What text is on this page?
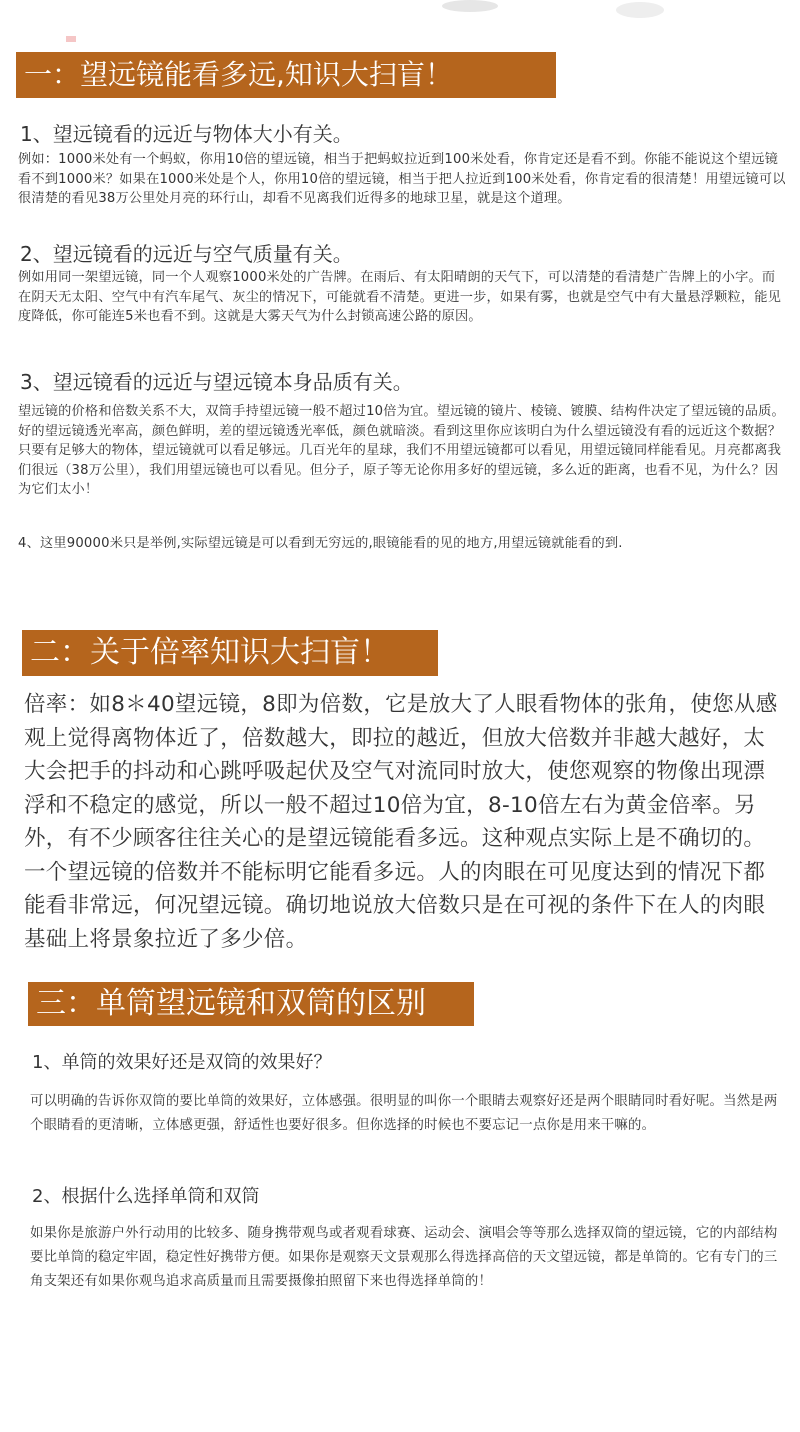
一：望远镜能看多远,知识大扫盲！
1、望远镜看的远近与物体大小有关。
例如：1000米处有一个蚂蚁，你用10倍的望远镜，相当于把蚂蚁拉近到100米处看，你肯定还是看不到。你能不能说这个望远镜看不到1000米？如果在1000米处是个人，你用10倍的望远镜，相当于把人拉近到100米处看，你肯定看的很清楚！用望远镜可以很清楚的看见38万公里处月亮的环行山，却看不见离我们近得多的地球卫星，就是这个道理。
2、望远镜看的远近与空气质量有关。
例如用同一架望远镜，同一个人观察1000米处的广告牌。在雨后、有太阳晴朗的天气下，可以清楚的看清楚广告牌上的小字。而在阴天无太阳、空气中有汽车尾气、灰尘的情况下，可能就看不清楚。更进一步，如果有雾，也就是空气中有大量悬浮颗粒，能见度降低，你可能连5米也看不到。这就是大雾天气为什么封锁高速公路的原因。
3、望远镜看的远近与望远镜本身品质有关。
望远镜的价格和倍数关系不大，双筒手持望远镜一般不超过10倍为宜。望远镜的镜片、棱镜、镀膜、结构件决定了望远镜的品质。好的望远镜透光率高，颜色鲜明，差的望远镜透光率低，颜色就暗淡。看到这里你应该明白为什么望远镜没有看的远近这个数据？只要有足够大的物体，望远镜就可以看足够远。几百光年的星球，我们不用望远镜都可以看见，用望远镜同样能看见。月亮都离我们很远（38万公里），我们用望远镜也可以看见。但分子，原子等无论你用多好的望远镜，多么近的距离，也看不见，为什么？因为它们太小！
4、这里90000米只是举例,实际望远镜是可以看到无穷远的,眼镜能看的见的地方,用望远镜就能看的到.
二：关于倍率知识大扫盲！
倍率：如8＊40望远镜，8即为倍数，它是放大了人眼看物体的张角，使您从感观上觉得离物体近了，倍数越大，即拉的越近，但放大倍数并非越大越好，太大会把手的抖动和心跳呼吸起伏及空气对流同时放大，使您观察的物像出现漂浮和不稳定的感觉，所以一般不超过10倍为宜，8-10倍左右为黄金倍率。另外，有不少顾客往往关心的是望远镜能看多远。这种观点实际上是不确切的。一个望远镜的倍数并不能标明它能看多远。人的肉眼在可见度达到的情况下都能看非常远，何况望远镜。确切地说放大倍数只是在可视的条件下在人的肉眼基础上将景象拉近了多少倍。
三：单筒望远镜和双筒的区别
1、单筒的效果好还是双筒的效果好？
可以明确的告诉你双筒的要比单筒的效果好，立体感强。很明显的叫你一个眼睛去观察好还是两个眼睛同时看好呢。当然是两个眼睛看的更清晰，立体感更强，舒适性也要好很多。但你选择的时候也不要忘记一点你是用来干嘛的。
2、根据什么选择单筒和双筒
如果你是旅游户外行动用的比较多、随身携带观鸟或者观看球赛、运动会、演唱会等等那么选择双筒的望远镜，它的内部结构要比单筒的稳定牢固，稳定性好携带方便。如果你是观察天文景观那么得选择高倍的天文望远镜，都是单筒的。它有专门的三角支架还有如果你观鸟追求高质量而且需要摄像拍照留下来也得选择单筒的！
